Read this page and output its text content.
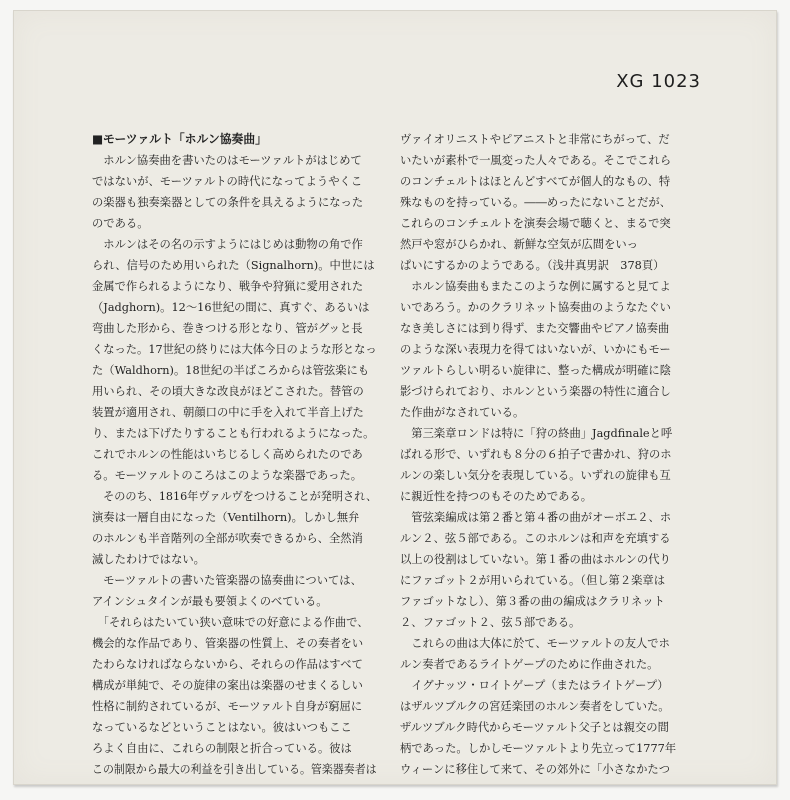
XG 1023
■モーツァルト「ホルン協奏曲」
　ホルン協奏曲を書いたのはモーツァルトがはじめて
ではないが、モーツァルトの時代になってようやくこ
の楽器も独奏楽器としての条件を具えるようになった
のである。
　ホルンはその名の示すようにはじめは動物の角で作
られ、信号のため用いられた（Signalhorn)。中世には
金属で作られるようになり、戦争や狩猟に愛用された
（Jadghorn)。12〜16世紀の間に、真すぐ、あるいは
弯曲した形から、巻きつける形となり、管がグッと長
くなった。17世紀の終りには大体今日のような形となっ
た（Waldhorn)。18世紀の半ばころからは管弦楽にも
用いられ、その頃大きな改良がほどこされた。替管の
装置が適用され、朝顔口の中に手を入れて半音上げた
り、または下げたりすることも行われるようになった。
これでホルンの性能はいちじるしく高められたのであ
る。モーツァルトのころはこのような楽器であった。
　そののち、1816年ヴァルヴをつけることが発明され、
演奏は一層自由になった（Ventilhorn)。しかし無弁
のホルンも半音階列の全部が吹奏できるから、全然消
滅したわけではない。
　モーツァルトの書いた管楽器の協奏曲については、
アインシュタインが最も要領よくのべている。
　「それらはたいてい狭い意味での好意による作曲で、
機会的な作品であり、管楽器の性質上、その奏者をい
たわらなければならないから、それらの作品はすべて
構成が単純で、その旋律の案出は楽器のせまくるしい
性格に制約されているが、モーツァルト自身が窮屈に
なっているなどということはない。彼はいつもここ
ろよく自由に、これらの制限と折合っている。彼は
この制限から最大の利益を引き出している。管楽器奏者は
ヴァイオリニストやピアニストと非常にちがって、だ
いたいが素朴で一風変った人々である。そこでこれら
のコンチェルトはほとんどすべてが個人的なもの、特
殊なものを持っている。――めったにないことだが、
これらのコンチェルトを演奏会場で聴くと、まるで突
然戸や窓がひらかれ、新鮮な空気が広間をいっ
ぱいにするかのようである。（浅井真男訳　378頁）
　ホルン協奏曲もまたこのような例に属すると見てよ
いであろう。かのクラリネット協奏曲のようなたぐい
なき美しさには到り得ず、また交響曲やピアノ協奏曲
のような深い表現力を得てはいないが、いかにもモー
ツァルトらしい明るい旋律に、整った構成が明確に陰
影づけられており、ホルンという楽器の特性に適合し
た作曲がなされている。
　第三楽章ロンドは特に「狩の終曲」Jagdfinaleと呼
ばれる形で、いずれも８分の６拍子で書かれ、狩のホ
ルンの楽しい気分を表現している。いずれの旋律も互
に親近性を持つのもそのためである。
　管弦楽編成は第２番と第４番の曲がオーボエ２、ホ
ルン２、弦５部である。このホルンは和声を充填する
以上の役割はしていない。第１番の曲はホルンの代り
にファゴット２が用いられている。（但し第２楽章は
ファゴットなし）、第３番の曲の編成はクラリネット
２、ファゴット２、弦５部である。
　これらの曲は大体に於て、モーツァルトの友人でホ
ルン奏者であるライトゲープのために作曲された。
　イグナッツ・ロイトゲープ（またはライトゲープ）
はザルツブルクの宮廷楽団のホルン奏者をしていた。
ザルツブルク時代からモーツァルト父子とは親交の間
柄であった。しかしモーツァルトより先立って1777年
ウィーンに移住して来て、その郊外に「小さなかたつ
